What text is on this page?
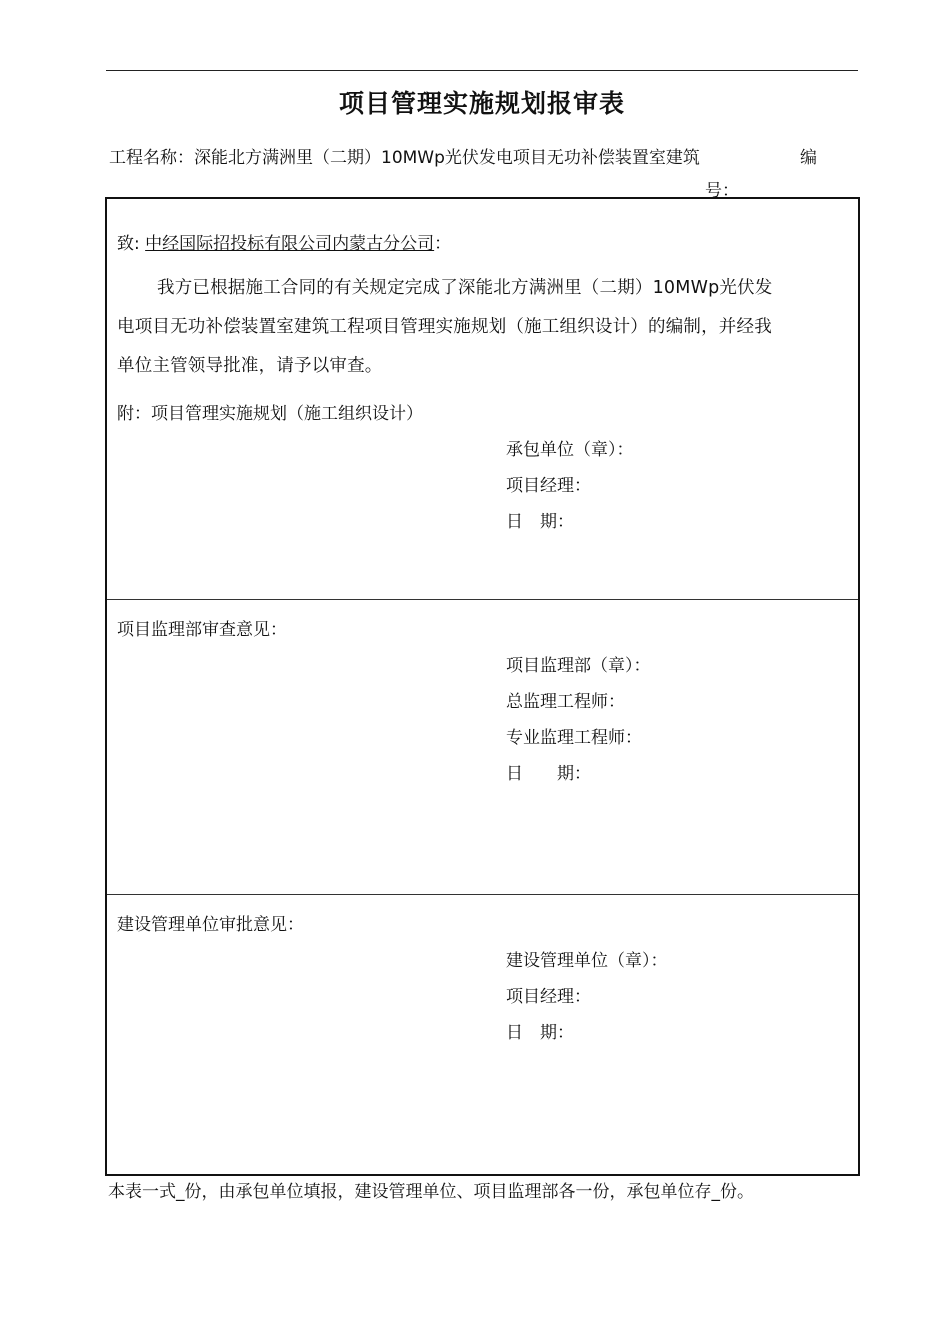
项目管理实施规划报审表
工程名称：深能北方满洲里（二期）10MWp光伏发电项目无功补偿装置室建筑	编
号：
致: 中经国际招投标有限公司内蒙古分公司：
我方已根据施工合同的有关规定完成了深能北方满洲里（二期）10MWp光伏发
电项目无功补偿装置室建筑工程项目管理实施规划（施工组织设计）的编制，并经我
单位主管领导批准，请予以审查。
附：项目管理实施规划（施工组织设计）
承包单位（章）：
项目经理：
日　期：
项目监理部审查意见：
项目监理部（章）：
总监理工程师：
专业监理工程师：
日　　期：
建设管理单位审批意见：
建设管理单位（章）：
项目经理：
日　期：
本表一式_份，由承包单位填报，建设管理单位、项目监理部各一份，承包单位存_份。
